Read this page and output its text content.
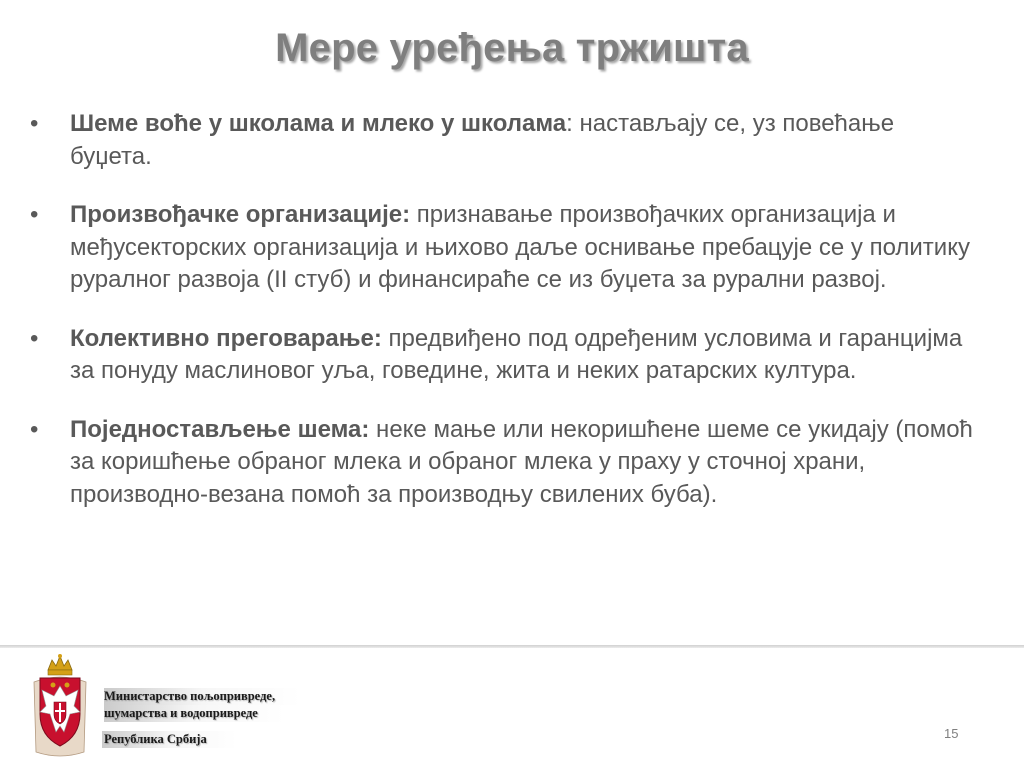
Мере уређења тржишта
• Шеме воће у школама и млеко у школама: настављају се, уз повећање буџета.
• Произвођачке организације: признавање произвођачких организација и међусекторских организација и њихово даље оснивање пребацује се у политику руралног развоја (II стуб) и финансираће се из буџета за рурални развој.
• Колективно преговарање: предвиђено под одређеним условима и гаранцијма за понуду маслиновог уља, говедине, жита и неких ратарских култура.
• Поједностављење шема: неке мање или некоришћене шеме се укидају (помоћ за коришћење обраног млека и обраног млека у праху у сточној храни, производно-везана помоћ за производњу свилених буба).
Министарство пољопривреде,
шумарства и водопривреде
Република Србија	15
